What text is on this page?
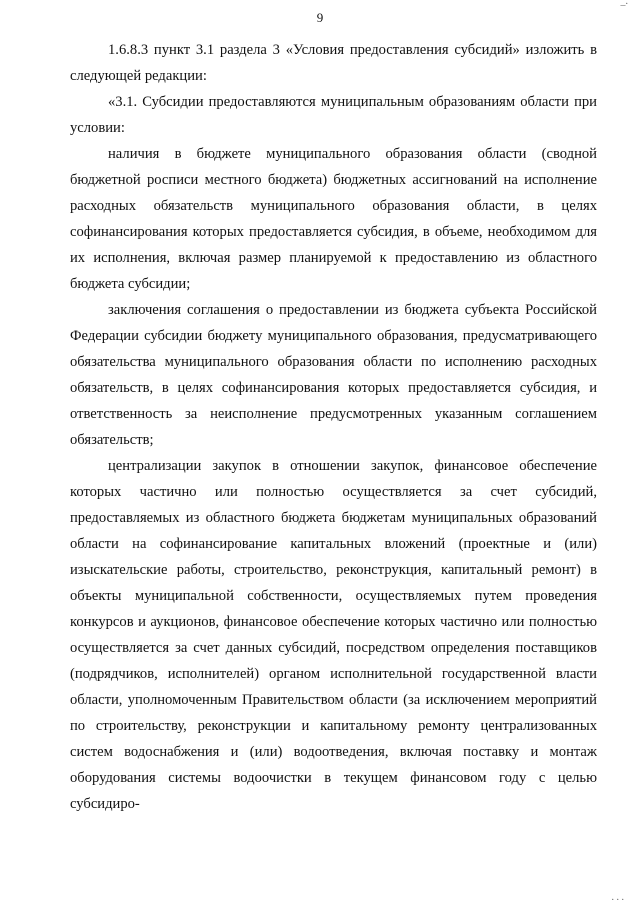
9
_.

1.6.8.3 пункт 3.1 раздела 3 «Условия предоставления субсидий» изложить в следующей редакции:

«3.1. Субсидии предоставляются муниципальным образованиям области при условии:

наличия в бюджете муниципального образования области (сводной бюджетной росписи местного бюджета) бюджетных ассигнований на исполнение расходных обязательств муниципального образования области, в целях софинансирования которых предоставляется субсидия, в объеме, необходимом для их исполнения, включая размер планируемой к предоставлению из областного бюджета субсидии;

заключения соглашения о предоставлении из бюджета субъекта Российской Федерации субсидии бюджету муниципального образования, предусматривающего обязательства муниципального образования области по исполнению расходных обязательств, в целях софинансирования которых предоставляется субсидия, и ответственность за неисполнение предусмотренных указанным соглашением обязательств;

централизации закупок в отношении закупок, финансовое обеспечение которых частично или полностью осуществляется за счет субсидий, предоставляемых из областного бюджета бюджетам муниципальных образований области на софинансирование капитальных вложений (проектные и (или) изыскательские работы, строительство, реконструкция, капитальный ремонт) в объекты муниципальной собственности, осуществляемых путем проведения конкурсов и аукционов, финансовое обеспечение которых частично или полностью осуществляется за счет данных субсидий, посредством определения поставщиков (подрядчиков, исполнителей) органом исполнительной государственной власти области, уполномоченным Правительством области (за исключением мероприятий по строительству, реконструкции и капитальному ремонту централизованных систем водоснабжения и (или) водоотведения, включая поставку и монтаж оборудования системы водоочистки в текущем финансовом году с целью субсидиро-

. . .
